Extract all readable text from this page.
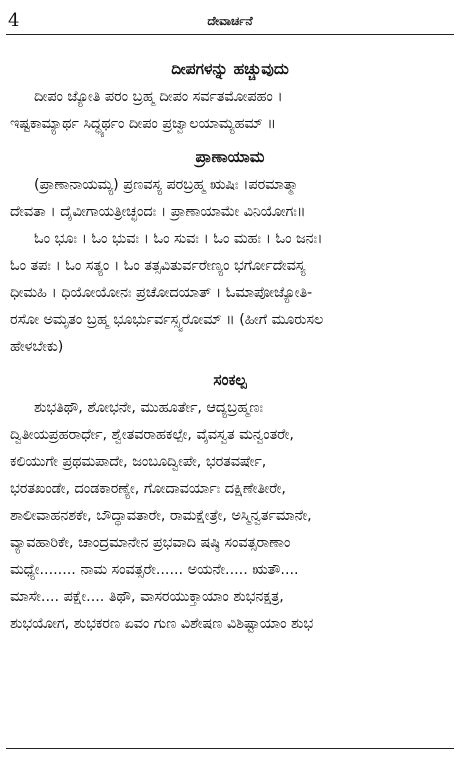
4	ದೇವಾರ್ಚನೆ
ದೀಪಗಳನ್ನು ಹಚ್ಚುವುದು

ದೀಪಂ ಜ್ಯೋತಿ ಪರಂ ಬ್ರಹ್ಮ ದೀಪಂ ಸರ್ವತಮೋಪಹಂ ।
ಇಷ್ಟಕಾಮ್ಯಾರ್ಥ ಸಿದ್ಧ್ಯರ್ಥಂ ದೀಪಂ ಪ್ರಜ್ವಾಲಯಾಮ್ಯಹಮ್ ॥

ಪ್ರಾಣಾಯಾಮ

(ಪ್ರಾಣಾನಾಯಮ್ಯ) ಪ್ರಣವಸ್ಯ ಪರಬ್ರಹ್ಮ ಋಷಿಃ ।ಪರಮಾತ್ಮಾ
ದೇವತಾ । ದೈವೀಗಾಯತ್ರೀಚ್ಛಂದಃ । ಪ್ರಾಣಾಯಾಮೇ ವಿನಿಯೋಗಃ॥
ಓಂ ಭೂಃ । ಓಂ ಭುವಃ । ಓಂ ಸುವಃ । ಓಂ ಮಹಃ । ಓಂ ಜನಃ।
ಓಂ ತಪಃ । ಓಂ ಸತ್ಯಂ । ಓಂ ತತ್ಸವಿತುರ್ವರೇಣ್ಯಂ ಭರ್ಗೋದೇವಸ್ಯ
ಧೀಮಹಿ । ಧಿಯೋಯೋನಃ ಪ್ರಚೋದಯಾತ್ । ಓಮಾಪೋಜ್ಯೋತಿ-
ರಸೋ ಅಮೃತಂ ಬ್ರಹ್ಮ ಭೂರ್ಭುರ್ವಸ್ಸ್ವರೋಮ್ ॥ (ಹೀಗೆ ಮೂರುಸಲ
ಹೇಳಬೇಕು)

ಸಂಕಲ್ಪ

ಶುಭತಿಥೌ, ಶೋಭನೇ, ಮುಹೂರ್ತೇ, ಆದ್ಯಬ್ರಹ್ಮಣಃ
ದ್ವಿತೀಯಪ್ರಹರಾರ್ಧೇ, ಶ್ವೇತವರಾಹಕಲ್ಪೇ, ವೈವಸ್ವತ ಮನ್ವಂತರೇ,
ಕಲಿಯುಗೇ ಪ್ರಥಮಪಾದೇ, ಜಂಬೂದ್ವೀಪೇ, ಭರತವರ್ಷೇ,
ಭರತಖಂಡೇ, ದಂಡಕಾರಣ್ಯೇ, ಗೋದಾವರ್ಯಾಃ ದಕ್ಷಿಣೇತೀರೇ,
ಶಾಲೀವಾಹನಶಕೇ, ಬೌದ್ಧಾವತಾರೇ, ರಾಮಕ್ಷೇತ್ರೇ, ಅಸ್ಮಿನ್ವರ್ತಮಾನೇ,
ವ್ಯಾವಹಾರಿಕೇ, ಚಾಂದ್ರಮಾನೇನ ಪ್ರಭವಾದಿ ಷಷ್ಠಿ ಸಂವತ್ಸರಾಣಾಂ
ಮಧ್ಯೇ........ ನಾಮ ಸಂವತ್ಸರೇ...... ಅಯನೇ..... ಋತೌ....
ಮಾಸೇ.... ಪಕ್ಷೇ.... ತಿಥೌ, ವಾಸರಯುಕ್ತಾಯಾಂ ಶುಭನಕ್ಷತ್ರ,
ಶುಭಯೋಗ, ಶುಭಕರಣ ಏವಂ ಗುಣ ವಿಶೇಷಣ ವಿಶಿಷ್ಟಾಯಾಂ ಶುಭ
